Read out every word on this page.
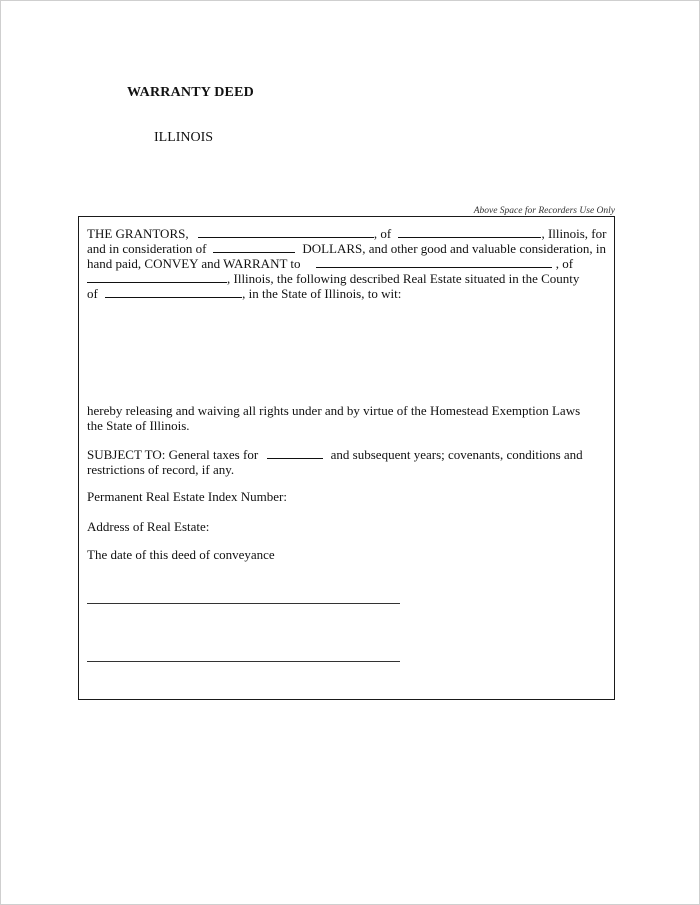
WARRANTY DEED
ILLINOIS
Above Space for Recorders Use Only
THE GRANTORS,	, of	, Illinois, for
and in consideration of	DOLLARS, and other good and valuable consideration, in
hand paid, CONVEY and WARRANT to	, of
, Illinois, the following described Real Estate situated in the County
of	, in the State of Illinois, to wit:
hereby releasing and waiving all rights under and by virtue of the Homestead Exemption Laws
the State of Illinois.
SUBJECT TO: General taxes for	and subsequent years; covenants, conditions and
restrictions of record, if any.
Permanent Real Estate Index Number:
Address of Real Estate:
The date of this deed of conveyance
